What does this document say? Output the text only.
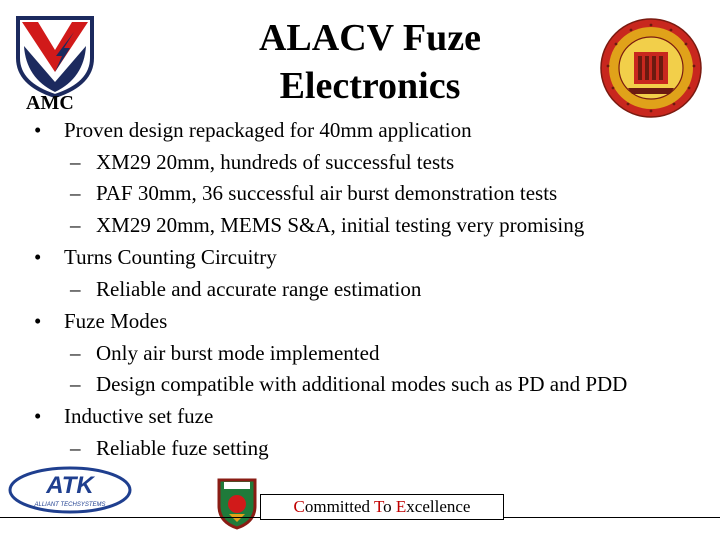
AMC
ALACV Fuze
Electronics
• Proven design repackaged for 40mm application
– XM29 20mm, hundreds of successful tests
– PAF 30mm, 36 successful air burst demonstration tests
– XM29 20mm, MEMS S&A, initial testing very promising
• Turns Counting Circuitry
– Reliable and accurate range estimation
• Fuze Modes
– Only air burst mode implemented
– Design compatible with additional modes such as PD and PDD
• Inductive set fuze
– Reliable fuze setting
ATK
ALLIANT TECHSYSTEMS	Committed To Excellence
